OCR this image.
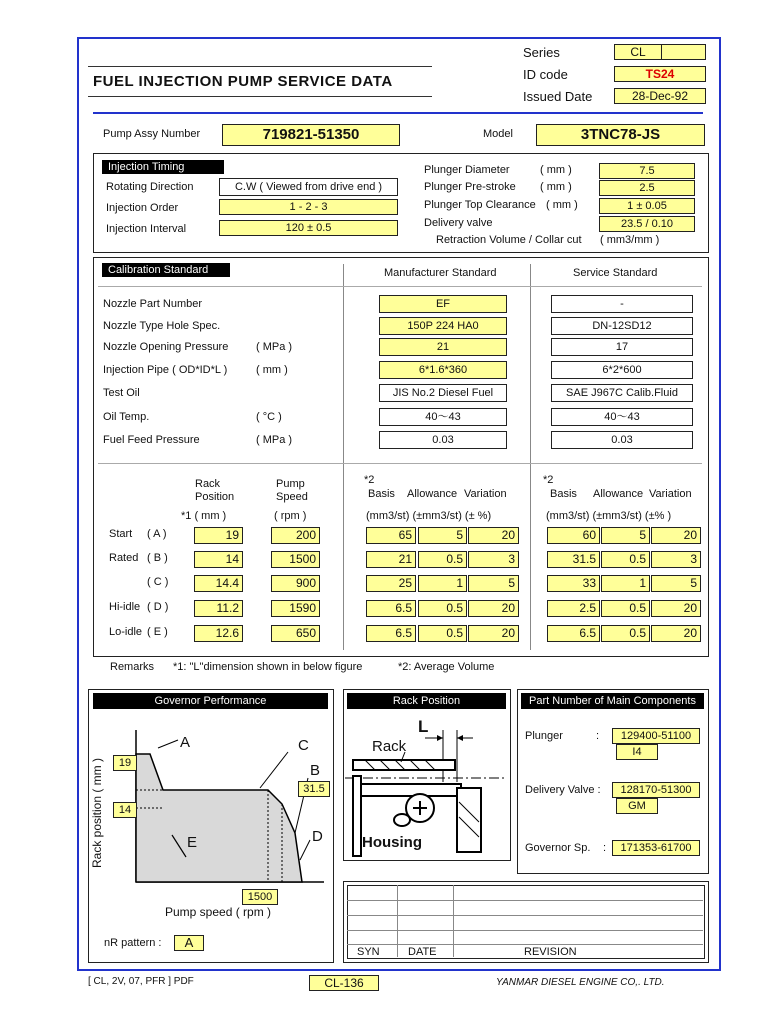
FUEL INJECTION PUMP SERVICE DATA
Series	CL
ID code	TS24
Issued Date	28-Dec-92
Pump Assy Number	719821-51350	Model	3TNC78-JS
Injection Timing
Rotating Direction	C.W ( Viewed from drive end )
Injection Order	1 - 2 - 3
Injection Interval	120 ± 0.5
Plunger Diameter	( mm )	7.5
Plunger Pre-stroke ( mm )	2.5
Plunger Top Clearance ( mm )	1 ± 0.05
Delivery valve	23.5 / 0.10
Retraction Volume / Collar cut ( mm3/mm )
Calibration Standard	Manufacturer Standard	Service Standard
Nozzle Part Number	EF	-
Nozzle Type Hole Spec.	150P 224 HA0	DN-12SD12
Nozzle Opening Pressure	( MPa )	21	17
Injection Pipe ( OD*ID*L )	( mm )	6*1.6*360	6*2*600
Test Oil	JIS No.2 Diesel Fuel	SAE J967C Calib.Fluid
Oil Temp.	( °C )	40～43	40～43
Fuel Feed Pressure	( MPa )	0.03	0.03
Rack
Position
*1 ( mm )
Pump
Speed
( rpm )
*2
Basis Allowance Variation
(mm3/st) (±mm3/st) (± %)
*2
Basis Allowance Variation
(mm3/st) (±mm3/st) (±% )
Start ( A )	19	200	65	5	20	60	5	20
Rated ( B )	14	1500	21	0.5	3	31.5	0.5	3
( C )	14.4	900	25	1	5	33	1	5
Hi-idle ( D )	11.2	1590	6.5	0.5	20	2.5	0.5	20
Lo-idle ( E )	12.6	650	6.5	0.5	20	6.5	0.5	20
Remarks *1: "L"dimension shown in below figure	*2: Average Volume
Governor Performance
A	C
B
D
E
19
14
31.5
1500
Rack position ( mm )
Pump speed ( rpm )
nR pattern :	A
Rack Position
L
Rack
Housing
Part Number of Main Components
Plunger	:	129400-51100
I4
Delivery Valve :	128170-51300
GM
Governor Sp. :	171353-61700
SYN	DATE	REVISION
[ CL, 2V, 07, PFR ] PDF	CL-136	YANMAR DIESEL ENGINE CO,. LTD.
